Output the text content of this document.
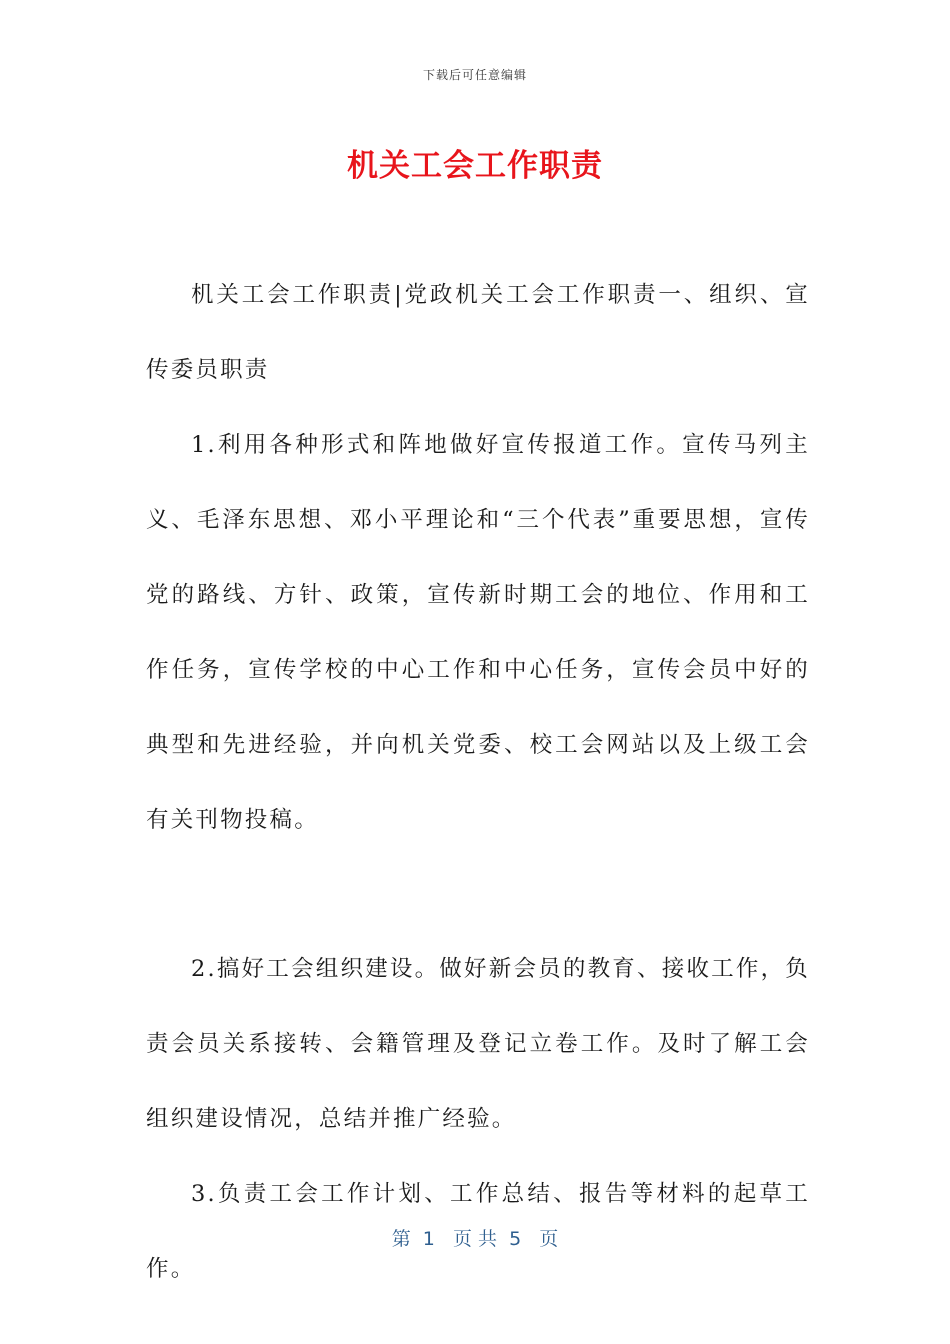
下载后可任意编辑
机关工会工作职责

机关工会工作职责|党政机关工会工作职责一、组织、宣传委员职责

1.利用各种形式和阵地做好宣传报道工作。宣传马列主义、毛泽东思想、邓小平理论和“三个代表”重要思想，宣传党的路线、方针、政策，宣传新时期工会的地位、作用和工作任务，宣传学校的中心工作和中心任务，宣传会员中好的典型和先进经验，并向机关党委、校工会网站以及上级工会有关刊物投稿。

2.搞好工会组织建设。做好新会员的教育、接收工作，负责会员关系接转、会籍管理及登记立卷工作。及时了解工会组织建设情况，总结并推广经验。

3.负责工会工作计划、工作总结、报告等材料的起草工作。

第  1   页 共  5   页
